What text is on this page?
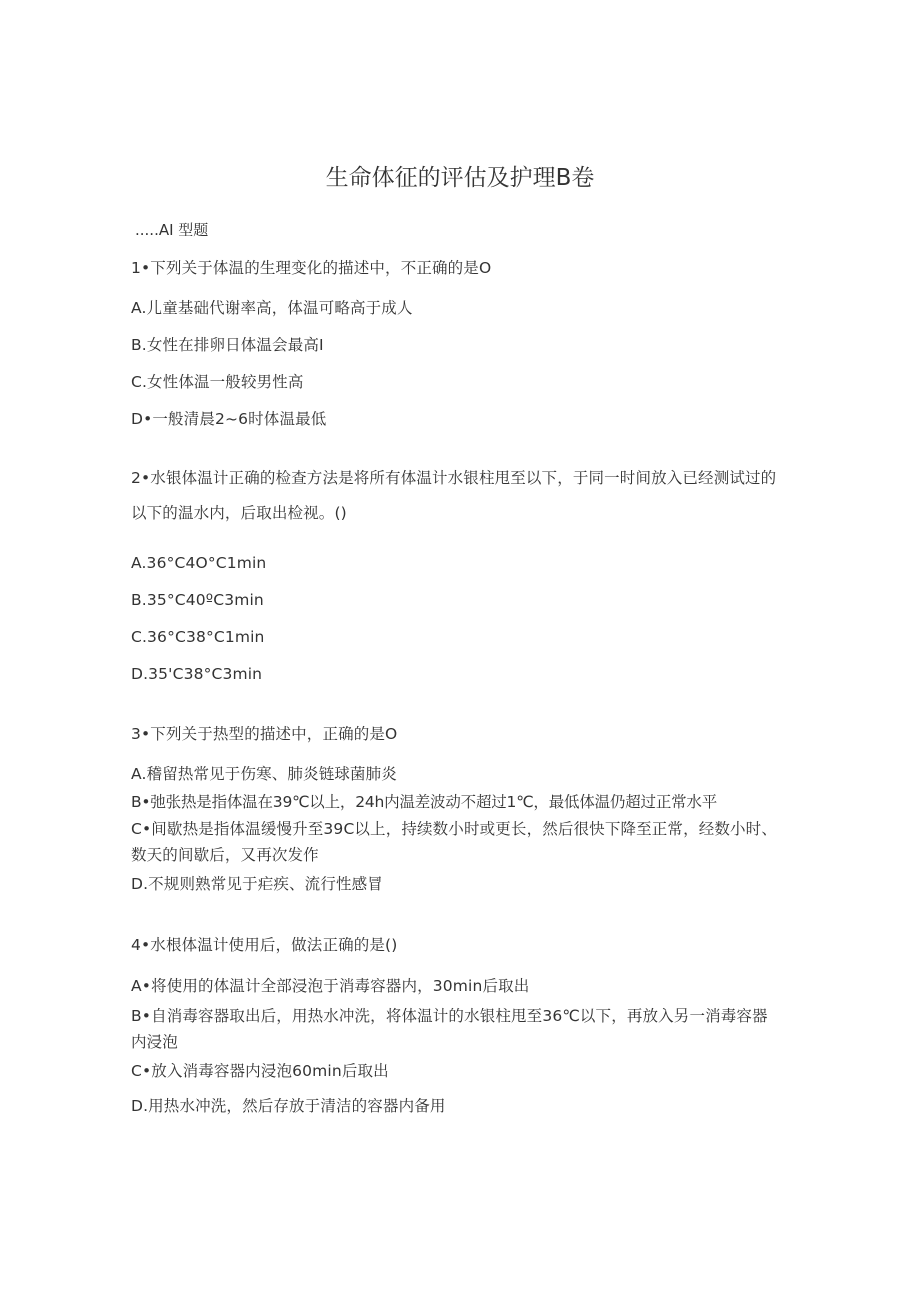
生命体征的评估及护理B卷

.....AI 型题

1•下列关于体温的生理变化的描述中，不正确的是O

A.儿童基础代谢率高，体温可略高于成人

B.女性在排卵日体温会最高I

C.女性体温一般较男性高

D•一般清晨2~6时体温最低

2•水银体温计正确的检查方法是将所有体温计水银柱甩至以下，于同一时间放入已经测试过的以下的温水内，后取出检视。()

A.36°C4O°C1min

B.35°C40ºC3min

C.36°C38°C1min

D.35'C38°C3min

3•下列关于热型的描述中，正确的是O

A.稽留热常见于伤寒、肺炎链球菌肺炎

B•弛张热是指体温在39℃以上，24h内温差波动不超过1℃，最低体温仍超过正常水平

C•间歇热是指体温缓慢升至39C以上，持续数小时或更长，然后很快下降至正常，经数小时、数天的间歇后，又再次发作

D.不规则熟常见于疟疾、流行性感冒

4•水根体温计使用后，做法正确的是()

A•将使用的体温计全部浸泡于消毒容器内，30min后取出

B•自消毒容器取出后，用热水冲洗，将体温计的水银柱甩至36℃以下，再放入另一消毒容器内浸泡

C•放入消毒容器内浸泡60min后取出

D.用热水冲洗，然后存放于清洁的容器内备用
